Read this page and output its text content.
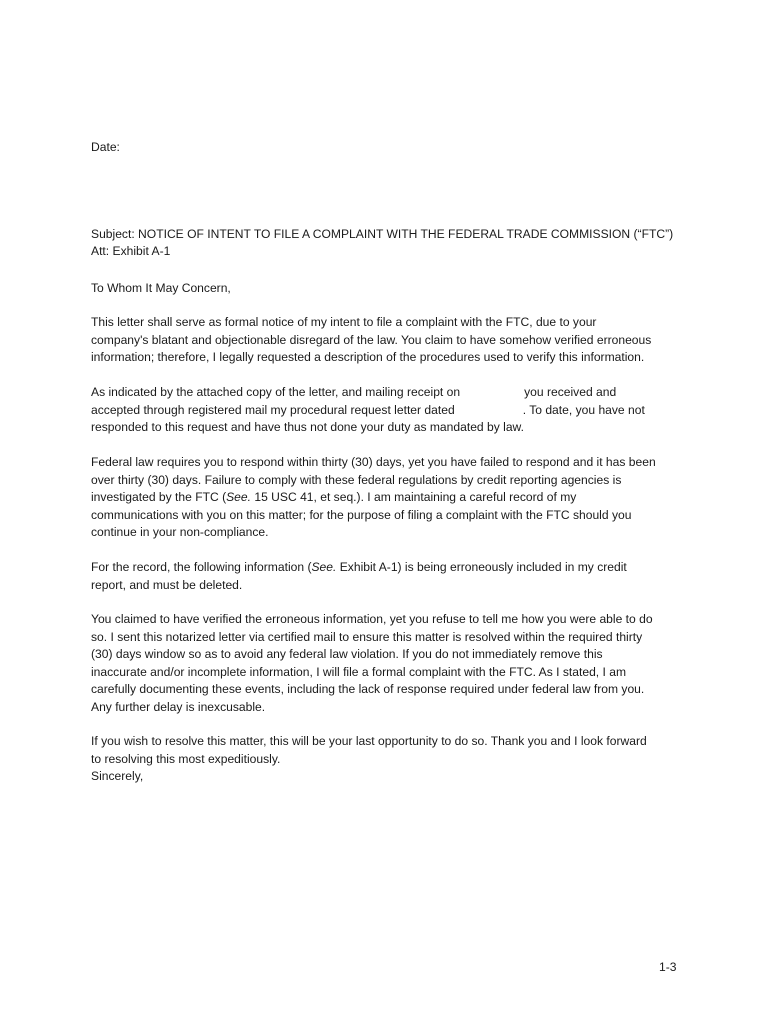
Date:
Subject: NOTICE OF INTENT TO FILE A COMPLAINT WITH THE FEDERAL TRADE COMMISSION (“FTC”)
Att: Exhibit A-1
To Whom It May Concern,
This letter shall serve as formal notice of my intent to file a complaint with the FTC, due to your
company's blatant and objectionable disregard of the law. You claim to have somehow verified erroneous
information; therefore, I legally requested a description of the procedures used to verify this information.
As indicated by the attached copy of the letter, and mailing receipt on	you received and
accepted through registered mail my procedural request letter dated	. To date, you have not
responded to this request and have thus not done your duty as mandated by law.
Federal law requires you to respond within thirty (30) days, yet you have failed to respond and it has been
over thirty (30) days. Failure to comply with these federal regulations by credit reporting agencies is
investigated by the FTC (See. 15 USC 41, et seq.). I am maintaining a careful record of my
communications with you on this matter; for the purpose of filing a complaint with the FTC should you
continue in your non-compliance.
For the record, the following information (See. Exhibit A-1) is being erroneously included in my credit
report, and must be deleted.
You claimed to have verified the erroneous information, yet you refuse to tell me how you were able to do
so. I sent this notarized letter via certified mail to ensure this matter is resolved within the required thirty
(30) days window so as to avoid any federal law violation. If you do not immediately remove this
inaccurate and/or incomplete information, I will file a formal complaint with the FTC. As I stated, I am
carefully documenting these events, including the lack of response required under federal law from you.
Any further delay is inexcusable.
If you wish to resolve this matter, this will be your last opportunity to do so. Thank you and I look forward
to resolving this most expeditiously.
Sincerely,
1-3
